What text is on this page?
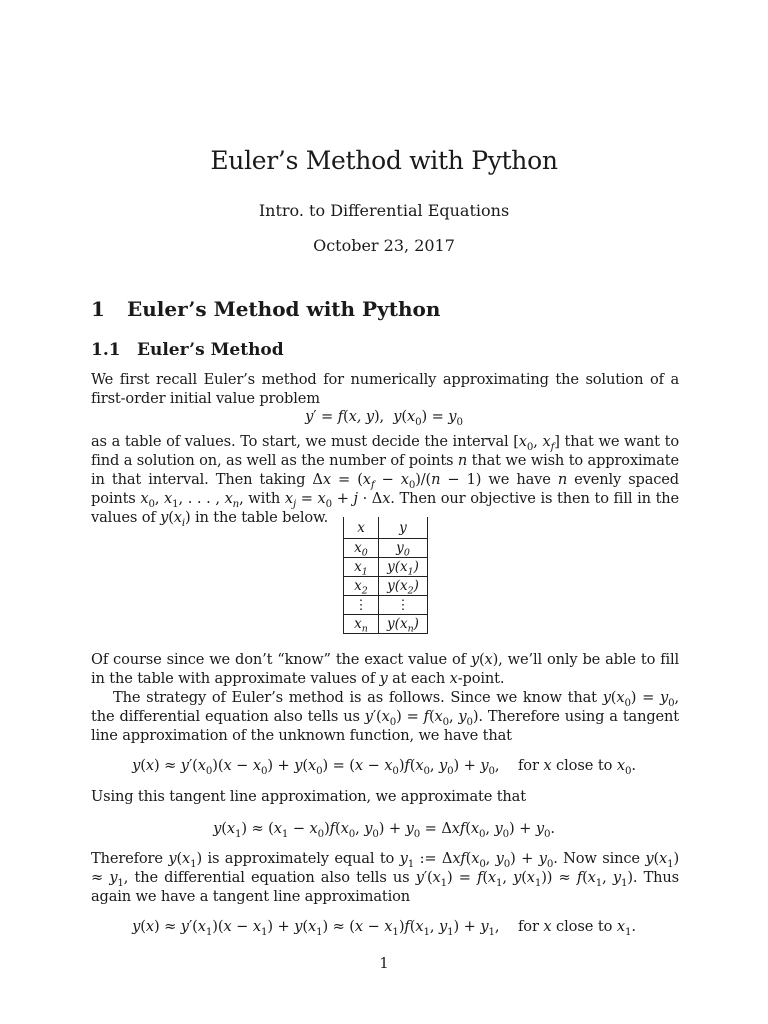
Euler’s Method with Python
Intro. to Differential Equations
October 23, 2017
1 Euler’s Method with Python
1.1 Euler’s Method
We first recall Euler’s method for numerically approximating the solution of a first-order initial value problem
y′ = f(x, y),  $y(x_0) = y_0$
as a table of values. To start, we must decide the interval [$x_0$, $x_f$] that we want to find a solution on, as well as the number of points n that we wish to approximate in that interval. Then taking $\Delta x = (x_f - x_0)/(n - 1)$ we have n evenly spaced points $x_0$, $x_1$, . . . , $x_n$, with $x_j = x_0 + j \cdot \Delta x$. Then our objective is then to fill in the values of $y(x_i)$ in the table below.
x	y
$x_0$	$y_0$
$x_1$	$y(x_1)$
$x_2$	$y(x_2)$
⋮	⋮
$x_n$	$y(x_n)$
Of course since we don’t “know” the exact value of y(x), we’ll only be able to fill in the table with approximate values of y at each x-point.
The strategy of Euler’s method is as follows. Since we know that $y(x_0) = y_0$, the differential equation also tells us $y'(x_0) = f(x_0$, $y_0$). Therefore using a tangent line approximation of the unknown function, we have that
$y(x) \approx y'(x_0)(x - x_0) + y(x_0) = (x - x_0)f(x_0$, $y_0) + y_0$, for x close to $x_0$.
Using this tangent line approximation, we approximate that
$y(x_1) \approx (x_1 - x_0)f(x_0$, $y_0) + y_0 = \Delta xf(x_0$, $y_0) + y_0$.
Therefore $y(x_1)$ is approximately equal to $y_1$ := $\Delta xf(x_0$, $y_0) + y_0$. Now since $y(x_1) \approx y_1$, the differential equation also tells us $y'(x_1) = f(x_1$, $y(x_1)) \approx f(x_1$, $y_1$). Thus again we have a tangent line approximation
$y(x) \approx y'(x_1)(x - x_1) + y(x_1) \approx (x - x_1)f(x_1$, $y_1) + y_1$, for x close to $x_1$.
1
